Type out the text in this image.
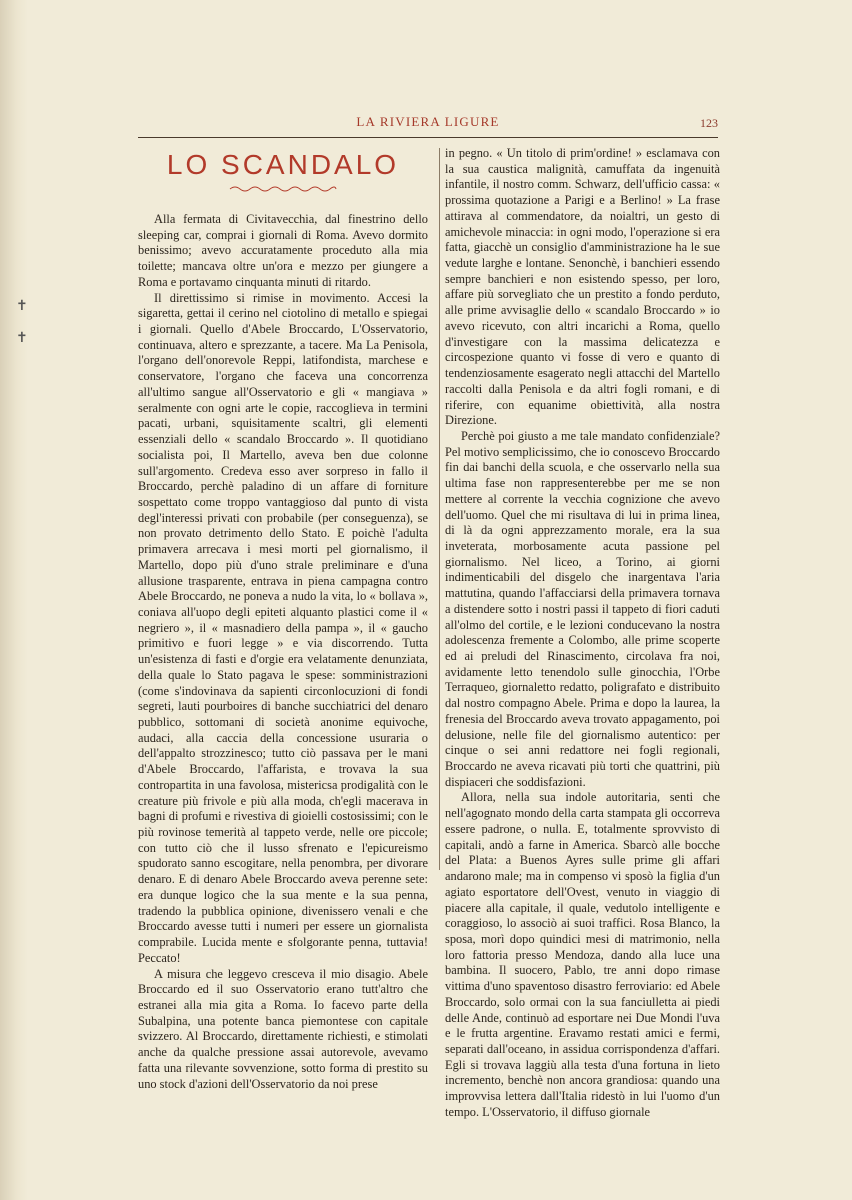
✝
✝
LA RIVIERA LIGURE	123
LO SCANDALO

Alla fermata di Civitavecchia, dal finestrino dello sleeping car, comprai i giornali di Roma. Avevo dormito benissimo; avevo accuratamente proceduto alla mia toilette; mancava oltre un'ora e mezzo per giungere a Roma e portavamo cinquanta minuti di ritardo.

Il direttissimo si rimise in movimento. Accesi la sigaretta, gettai il cerino nel ciotolino di metallo e spiegai i giornali. Quello d'Abele Broccardo, L'Osservatorio, continuava, altero e sprezzante, a tacere. Ma La Penisola, l'organo dell'onorevole Reppi, latifondista, marchese e conservatore, l'organo che faceva una concorrenza all'ultimo sangue all'Osservatorio e gli « mangiava » seralmente con ogni arte le copie, raccoglieva in termini pacati, urbani, squisitamente scaltri, gli elementi essenziali dello « scandalo Broccardo ». Il quotidiano socialista poi, Il Martello, aveva ben due colonne sull'argomento. Credeva esso aver sorpreso in fallo il Broccardo, perchè paladino di un affare di forniture sospettato come troppo vantaggioso dal punto di vista degl'interessi privati con probabile (per conseguenza), se non provato detrimento dello Stato. E poichè l'adulta primavera arrecava i mesi morti pel giornalismo, il Martello, dopo più d'uno strale preliminare e d'una allusione trasparente, entrava in piena campagna contro Abele Broccardo, ne poneva a nudo la vita, lo « bollava », coniava all'uopo degli epiteti alquanto plastici come il « negriero », il « masnadiero della pampa », il « gaucho primitivo e fuori legge » e via discorrendo. Tutta un'esistenza di fasti e d'orgie era velatamente denunziata, della quale lo Stato pagava le spese: somministrazioni (come s'indovinava da sapienti circonlocuzioni di fondi segreti, lauti pourboires di banche succhiatrici del denaro pubblico, sottomani di società anonime equivoche, audaci, alla caccia della concessione usuraria o dell'appalto strozzinesco; tutto ciò passava per le mani d'Abele Broccardo, l'affarista, e trovava la sua contropartita in una favolosa, mistericsa prodigalità con le creature più frivole e più alla moda, ch'egli macerava in bagni di profumi e rivestiva di gioielli costosissimi; con le più rovinose temerità al tappeto verde, nelle ore piccole; con tutto ciò che il lusso sfrenato e l'epicureismo spudorato sanno escogitare, nella penombra, per divorare denaro. E di denaro Abele Broccardo aveva perenne sete: era dunque logico che la sua mente e la sua penna, tradendo la pubblica opinione, divenissero venali e che Broccardo avesse tutti i numeri per essere un giornalista comprabile. Lucida mente e sfolgorante penna, tuttavia! Peccato!

A misura che leggevo cresceva il mio disagio. Abele Broccardo ed il suo Osservatorio erano tutt'altro che estranei alla mia gita a Roma. Io facevo parte della Subalpina, una potente banca piemontese con capitale svizzero. Al Broccardo, direttamente richiesti, e stimolati anche da qualche pressione assai autorevole, avevamo fatta una rilevante sovvenzione, sotto forma di prestito su uno stock d'azioni dell'Osservatorio da noi prese

in pegno. « Un titolo di prim'ordine! » esclamava con la sua caustica malignità, camuffata da ingenuità infantile, il nostro comm. Schwarz, dell'ufficio cassa: « prossima quotazione a Parigi e a Berlino! » La frase attirava al commendatore, da noialtri, un gesto di amichevole minaccia: in ogni modo, l'operazione si era fatta, giacchè un consiglio d'amministrazione ha le sue vedute larghe e lontane. Senonchè, i banchieri essendo sempre banchieri e non esistendo spesso, per loro, affare più sorvegliato che un prestito a fondo perduto, alle prime avvisaglie dello « scandalo Broccardo » io avevo ricevuto, con altri incarichi a Roma, quello d'investigare con la massima delicatezza e circospezione quanto vi fosse di vero e quanto di tendenziosamente esagerato negli attacchi del Martello raccolti dalla Penisola e da altri fogli romani, e di riferire, con equanime obiettività, alla nostra Direzione.

Perchè poi giusto a me tale mandato confidenziale? Pel motivo semplicissimo, che io conoscevo Broccardo fin dai banchi della scuola, e che osservarlo nella sua ultima fase non rappresenterebbe per me se non mettere al corrente la vecchia cognizione che avevo dell'uomo. Quel che mi risultava di lui in prima linea, di là da ogni apprezzamento morale, era la sua inveterata, morbosamente acuta passione pel giornalismo. Nel liceo, a Torino, ai giorni indimenticabili del disgelo che inargentava l'aria mattutina, quando l'affacciarsi della primavera tornava a distendere sotto i nostri passi il tappeto di fiori caduti all'olmo del cortile, e le lezioni conducevano la nostra adolescenza fremente a Colombo, alle prime scoperte ed ai preludi del Rinascimento, circolava fra noi, avidamente letto tenendolo sulle ginocchia, l'Orbe Terraqueo, giornaletto redatto, poligrafato e distribuito dal nostro compagno Abele. Prima e dopo la laurea, la frenesia del Broccardo aveva trovato appagamento, poi delusione, nelle file del giornalismo autentico: per cinque o sei anni redattore nei fogli regionali, Broccardo ne aveva ricavati più torti che quattrini, più dispiaceri che soddisfazioni.

Allora, nella sua indole autoritaria, senti che nell'agognato mondo della carta stampata gli occorreva essere padrone, o nulla. E, totalmente sprovvisto di capitali, andò a farne in America. Sbarcò alle bocche del Plata: a Buenos Ayres sulle prime gli affari andarono male; ma in compenso vi sposò la figlia d'un agiato esportatore dell'Ovest, venuto in viaggio di piacere alla capitale, il quale, vedutolo intelligente e coraggioso, lo associò ai suoi traffici. Rosa Blanco, la sposa, morì dopo quindici mesi di matrimonio, nella loro fattoria presso Mendoza, dando alla luce una bambina. Il suocero, Pablo, tre anni dopo rimase vittima d'uno spaventoso disastro ferroviario: ed Abele Broccardo, solo ormai con la sua fanciulletta ai piedi delle Ande, continuò ad esportare nei Due Mondi l'uva e le frutta argentine. Eravamo restati amici e fermi, separati dall'oceano, in assidua corrispondenza d'affari. Egli si trovava laggiù alla testa d'una fortuna in lieto incremento, benchè non ancora grandiosa: quando una improvvisa lettera dall'Italia ridestò in lui l'uomo d'un tempo. L'Osservatorio, il diffuso giornale
